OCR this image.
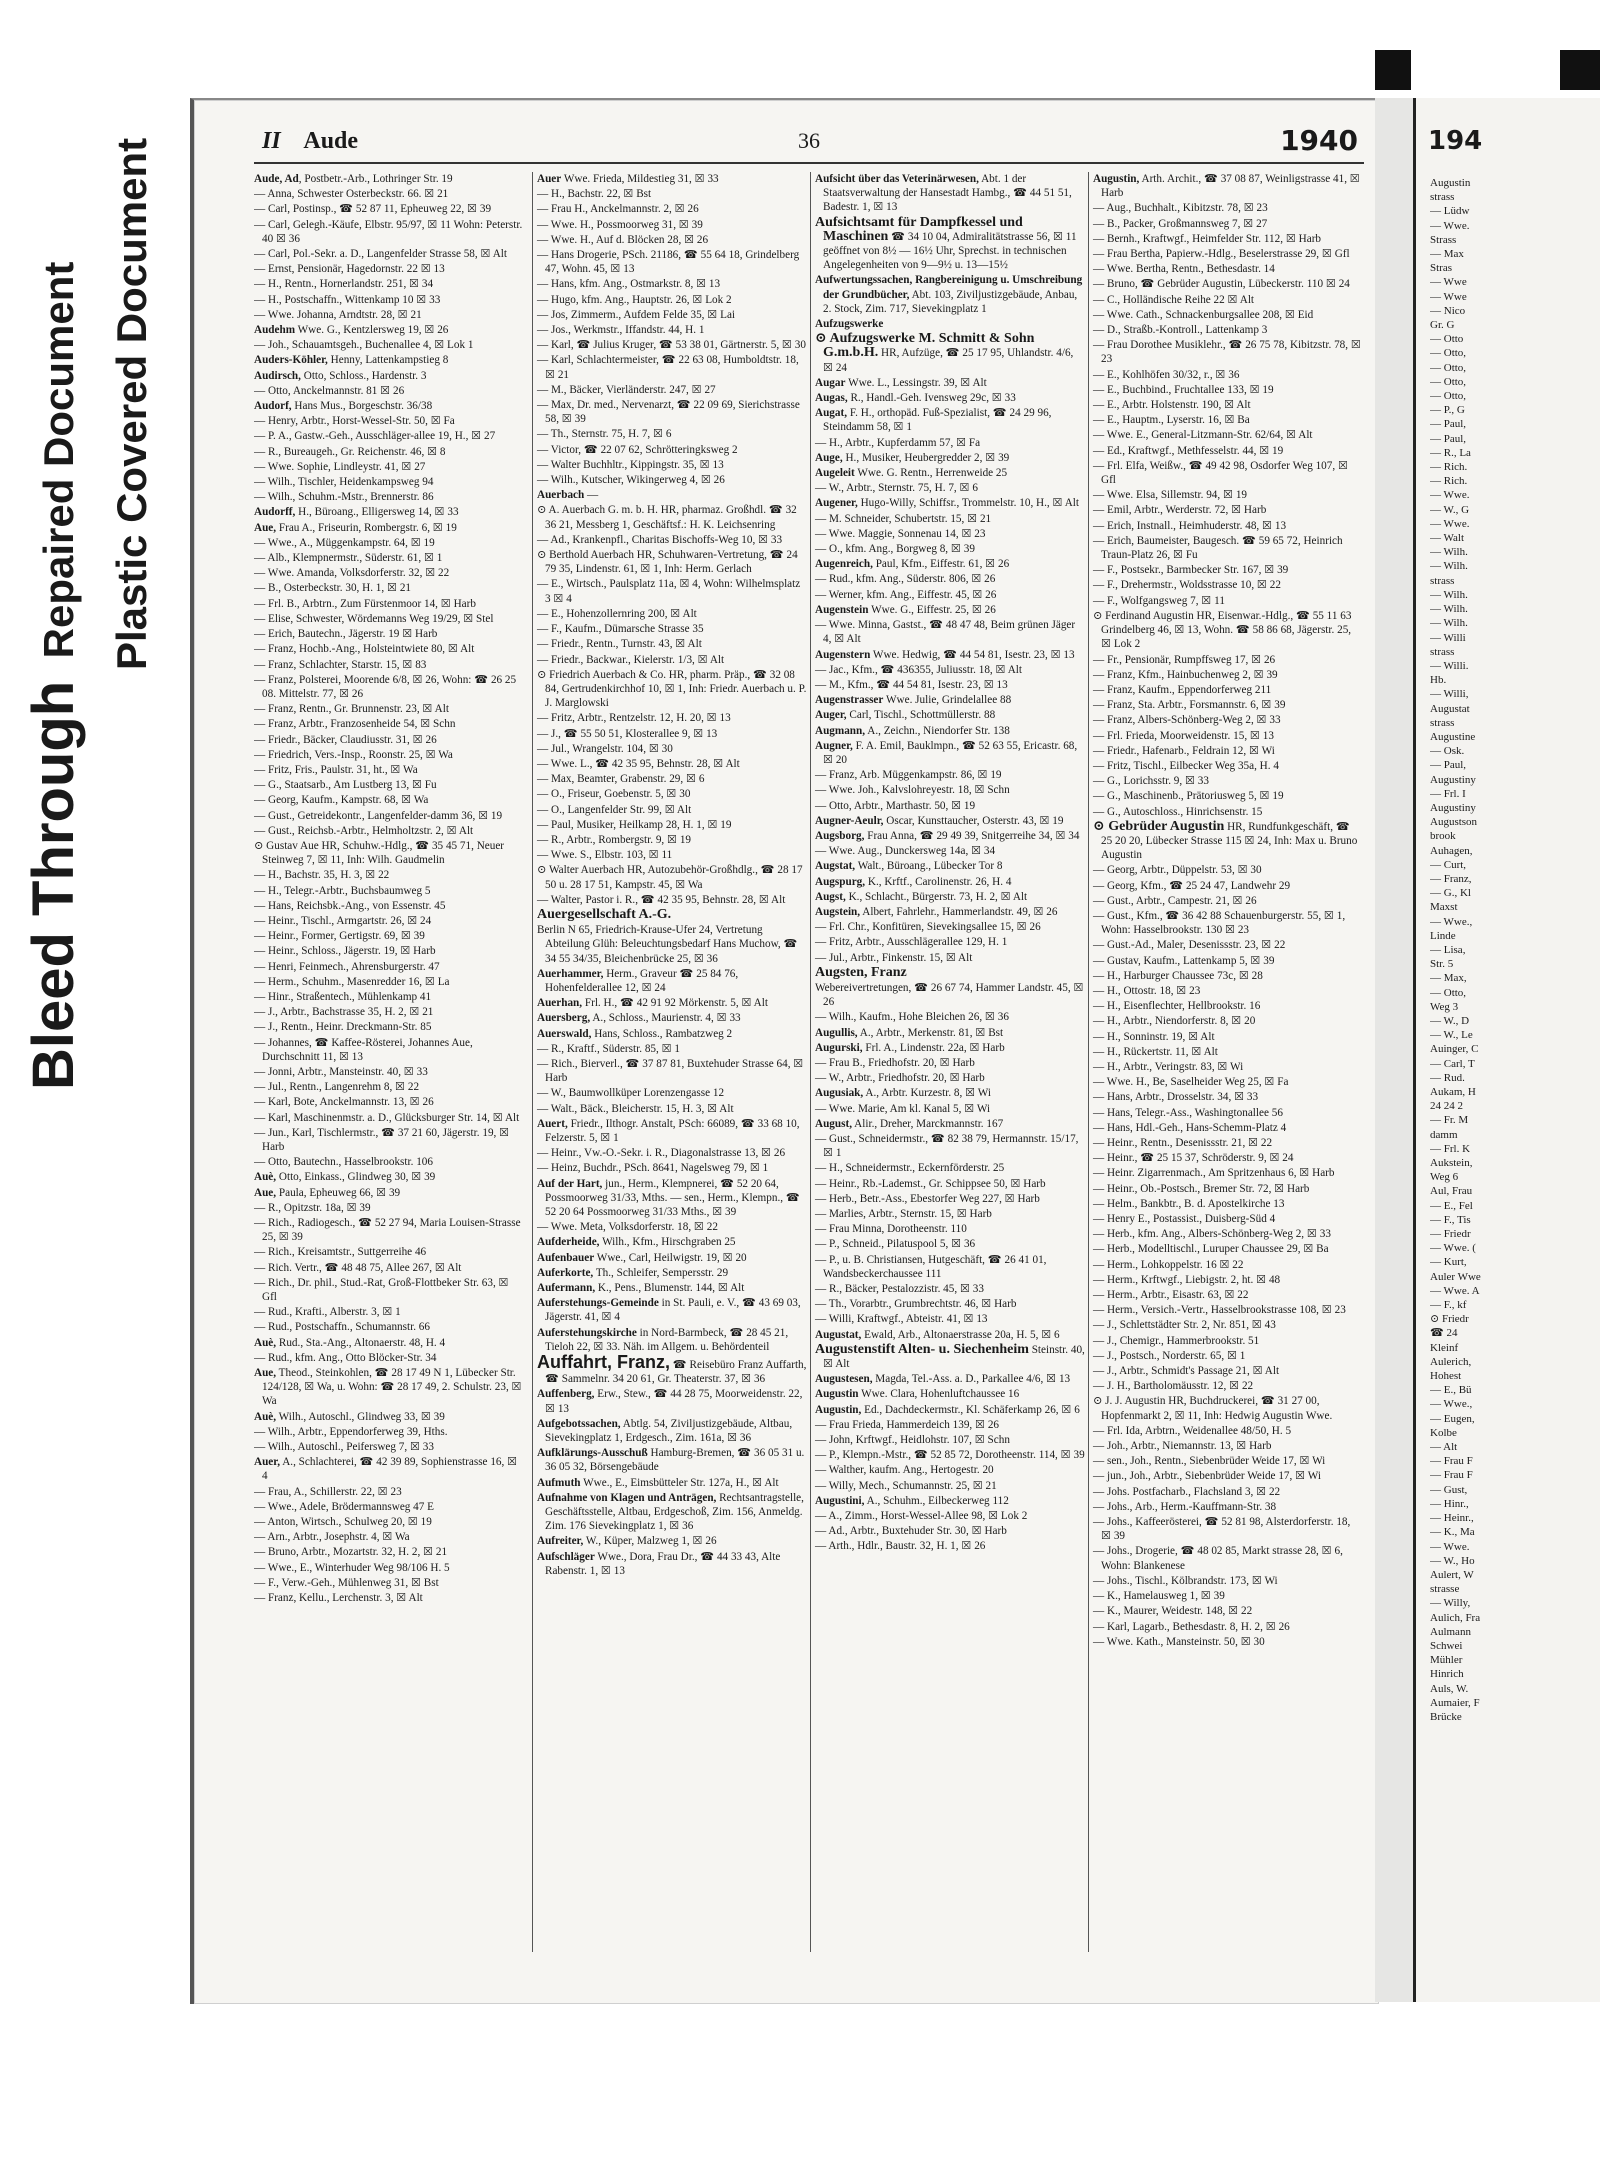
Bleed Through Repaired Document Plastic Covered Document	II Aude	36	1940
Aude, Ad, Postbetr.-Arb., Lothringer Str. 19
— Anna, Schwester Osterbeckstr. 66. ☒ 21
— Carl, Postinsp., ☎ 52 87 11, Epheuweg 22, ☒ 39
— Carl, Gelegh.-Käufe, Elbstr. 95/97, ☒ 11 Wohn: Peterstr. 40 ☒ 36
— Carl, Pol.-Sekr. a. D., Langenfelder Strasse 58, ☒ Alt
— Ernst, Pensionär, Hagedornstr. 22 ☒ 13
— H., Rentn., Hornerlandstr. 251, ☒ 34
— H., Postschaffn., Wittenkamp 10 ☒ 33
— Wwe. Johanna, Arndtstr. 28, ☒ 21
Audehm Wwe. G., Kentzlersweg 19, ☒ 26
— Joh., Schauamtsgeh., Buchenallee 4, ☒ Lok 1
Auders-Köhler, Henny, Lattenkampstieg 8
Audirsch, Otto, Schloss., Hardenstr. 3
— Otto, Anckelmannstr. 81 ☒ 26
Audorf, Hans Mus., Borgeschstr. 36/38
— Henry, Arbtr., Horst-Wessel-Str. 50, ☒ Fa
— P. A., Gastw.-Geh., Ausschläger-allee 19, H., ☒ 27
— R., Bureaugeh., Gr. Reichenstr. 46, ☒ 8
— Wwe. Sophie, Lindleystr. 41, ☒ 27
— Wilh., Tischler, Heidenkampsweg 94
— Wilh., Schuhm.-Mstr., Brennerstr. 86
Audorff, H., Büroang., Elligersweg 14, ☒ 33
Aue, Frau A., Friseurin, Rombergstr. 6, ☒ 19
— Wwe., A., Müggenkampstr. 64, ☒ 19
— Alb., Klempnermstr., Süderstr. 61, ☒ 1
— Wwe. Amanda, Volksdorferstr. 32, ☒ 22
— B., Osterbeckstr. 30, H. 1, ☒ 21
— Frl. B., Arbtrn., Zum Fürstenmoor 14, ☒ Harb
— Elise, Schwester, Wördemanns Weg 19/29, ☒ Stel
— Erich, Bautechn., Jägerstr. 19 ☒ Harb
— Franz, Hochb.-Ang., Holsteintwiete 80, ☒ Alt
— Franz, Schlachter, Starstr. 15, ☒ 83
— Franz, Polsterei, Moorende 6/8, ☒ 26, Wohn: ☎ 26 25 08. Mittelstr. 77, ☒ 26
— Franz, Rentn., Gr. Brunnenstr. 23, ☒ Alt
— Franz, Arbtr., Franzosenheide 54, ☒ Schn
— Friedr., Bäcker, Claudiusstr. 31, ☒ 26
— Friedrich, Vers.-Insp., Roonstr. 25, ☒ Wa
— Fritz, Fris., Paulstr. 31, ht., ☒ Wa
— G., Staatsarb., Am Lustberg 13, ☒ Fu
— Georg, Kaufm., Kampstr. 68, ☒ Wa
— Gust., Getreidekontr., Langenfelder-damm 36, ☒ 19
— Gust., Reichsb.-Arbtr., Helmholtzstr. 2, ☒ Alt
⊙ Gustav Aue HR, Schuhw.-Hdlg., ☎ 35 45 71, Neuer Steinweg 7, ☒ 11, Inh: Wilh. Gaudmelin
— H., Bachstr. 35, H. 3, ☒ 22
— H., Telegr.-Arbtr., Buchsbaumweg 5
— Hans, Reichsbk.-Ang., von Essenstr. 45
— Heinr., Tischl., Armgartstr. 26, ☒ 24
— Heinr., Former, Gertigstr. 69, ☒ 39
— Heinr., Schloss., Jägerstr. 19, ☒ Harb
— Henri, Feinmech., Ahrensburgerstr. 47
— Herm., Schuhm., Masenredder 16, ☒ La
— Hinr., Straßentech., Mühlenkamp 41
— J., Arbtr., Bachstrasse 35, H. 2, ☒ 21
— J., Rentn., Heinr. Dreckmann-Str. 85
— Johannes, ☎ Kaffee-Rösterei, Johannes Aue, Durchschnitt 11, ☒ 13
— Jonni, Arbtr., Mansteinstr. 40, ☒ 33
— Jul., Rentn., Langenrehm 8, ☒ 22
— Karl, Bote, Anckelmannstr. 13, ☒ 26
— Karl, Maschinenmstr. a. D., Glücksburger Str. 14, ☒ Alt
— Jun., Karl, Tischlermstr., ☎ 37 21 60, Jägerstr. 19, ☒ Harb
— Otto, Bautechn., Hasselbrookstr. 106
Auè, Otto, Einkass., Glindweg 30, ☒ 39
Aue, Paula, Epheuweg 66, ☒ 39
— R., Opitzstr. 18a, ☒ 39
— Rich., Radiogesch., ☎ 52 27 94, Maria Louisen-Strasse 25, ☒ 39
— Rich., Kreisamtstr., Suttgerreihe 46
— Rich. Vertr., ☎ 48 48 75, Allee 267, ☒ Alt
— Rich., Dr. phil., Stud.-Rat, Groß-Flottbeker Str. 63, ☒ Gfl
— Rud., Krafti., Alberstr. 3, ☒ 1
— Rud., Postschaffn., Schumannstr. 66
Auè, Rud., Sta.-Ang., Altonaerstr. 48, H. 4
— Rud., kfm. Ang., Otto Blöcker-Str. 34
Aue, Theod., Steinkohlen, ☎ 28 17 49 N 1, Lübecker Str. 124/128, ☒ Wa, u. Wohn: ☎ 28 17 49, 2. Schulstr. 23, ☒ Wa
Auè, Wilh., Autoschl., Glindweg 33, ☒ 39
— Wilh., Arbtr., Eppendorferweg 39, Hths.
— Wilh., Autoschl., Peifersweg 7, ☒ 33
Auer, A., Schlachterei, ☎ 42 39 89, Sophienstrasse 16, ☒ 4
— Frau, A., Schillerstr. 22, ☒ 23
— Wwe., Adele, Brödermannsweg 47 E
— Anton, Wirtsch., Schulweg 20, ☒ 19
— Arn., Arbtr., Josephstr. 4, ☒ Wa
— Bruno, Arbtr., Mozartstr. 32, H. 2, ☒ 21
— Wwe., E., Winterhuder Weg 98/106 H. 5
— F., Verw.-Geh., Mühlenweg 31, ☒ Bst
— Franz, Kellu., Lerchenstr. 3, ☒ Alt
Auer Wwe. Frieda, Mildestieg 31, ☒ 33
— H., Bachstr. 22, ☒ Bst
— Frau H., Anckelmannstr. 2, ☒ 26
— Wwe. H., Possmoorweg 31, ☒ 39
— Wwe. H., Auf d. Blöcken 28, ☒ 26
— Hans Drogerie, PSch. 21186, ☎ 55 64 18, Grindelberg 47, Wohn. 45, ☒ 13
— Hans, kfm. Ang., Ostmarkstr. 8, ☒ 13
— Hugo, kfm. Ang., Hauptstr. 26, ☒ Lok 2
— Jos, Zimmerm., Aufdem Felde 35, ☒ Lai
— Jos., Werkmstr., Iffandstr. 44, H. 1
— Karl, ☎ Julius Kruger, ☎ 53 38 01, Gärtnerstr. 5, ☒ 30
— Karl, Schlachtermeister, ☎ 22 63 08, Humboldtstr. 18, ☒ 21
— M., Bäcker, Vierländerstr. 247, ☒ 27
— Max, Dr. med., Nervenarzt, ☎ 22 09 69, Sierichstrasse 58, ☒ 39
— Th., Sternstr. 75, H. 7, ☒ 6
— Victor, ☎ 22 07 62, Schrötteringksweg 2
— Walter Buchhltr., Kippingstr. 35, ☒ 13
— Wilh., Kutscher, Wikingerweg 4, ☒ 26
Auerbach —
⊙ A. Auerbach G. m. b. H. HR, pharmaz. Großhdl. ☎ 32 36 21, Messberg 1, Geschäftsf.: H. K. Leichsenring
— Ad., Krankenpfl., Charitas Bischoffs-Weg 10, ☒ 33
⊙ Berthold Auerbach HR, Schuhwaren-Vertretung, ☎ 24 79 35, Lindenstr. 61, ☒ 1, Inh: Herm. Gerlach
— E., Wirtsch., Paulsplatz 11a, ☒ 4, Wohn: Wilhelmsplatz 3 ☒ 4
— E., Hohenzollernring 200, ☒ Alt
— F., Kaufm., Dümarsche Strasse 35
— Friedr., Rentn., Turnstr. 43, ☒ Alt
— Friedr., Backwar., Kielerstr. 1/3, ☒ Alt
⊙ Friedrich Auerbach & Co. HR, pharm. Präp., ☎ 32 08 84, Gertrudenkirchhof 10, ☒ 1, Inh: Friedr. Auerbach u. P. J. Marglowski
— Fritz, Arbtr., Rentzelstr. 12, H. 20, ☒ 13
— J., ☎ 55 50 51, Klosterallee 9, ☒ 13
— Jul., Wrangelstr. 104, ☒ 30
— Wwe. L., ☎ 42 35 95, Behnstr. 28, ☒ Alt
— Max, Beamter, Grabenstr. 29, ☒ 6
— O., Friseur, Goebenstr. 5, ☒ 30
— O., Langenfelder Str. 99, ☒ Alt
— Paul, Musiker, Heilkamp 28, H. 1, ☒ 19
— R., Arbtr., Rombergstr. 9, ☒ 19
— Wwe. S., Elbstr. 103, ☒ 11
⊙ Walter Auerbach HR, Autozubehör-Großhdlg., ☎ 28 17 50 u. 28 17 51, Kampstr. 45, ☒ Wa
— Walter, Pastor i. R., ☎ 42 35 95, Behnstr. 28, ☒ Alt
Auergesellschaft A.-G.
Berlin N 65, Friedrich-Krause-Ufer 24, Vertretung Abteilung Glüh: Beleuchtungsbedarf Hans Muchow, ☎ 34 55 34/35, Bleichenbrücke 25, ☒ 36
Auerhammer, Herm., Graveur ☎ 25 84 76, Hohenfelderallee 12, ☒ 24
Auerhan, Frl. H., ☎ 42 91 92 Mörkenstr. 5, ☒ Alt
Auersberg, A., Schloss., Maurienstr. 4, ☒ 33
Auerswald, Hans, Schloss., Rambatzweg 2
— R., Kraftf., Süderstr. 85, ☒ 1
— Rich., Bierverl., ☎ 37 87 81, Buxtehuder Strasse 64, ☒ Harb
— W., Baumwollküper Lorenzengasse 12
— Walt., Bäck., Bleicherstr. 15, H. 3, ☒ Alt
Auert, Friedr., Ilthogr. Anstalt, PSch: 66089, ☎ 33 68 10, Felzerstr. 5, ☒ 1
— Heinr., Vw.-O.-Sekr. i. R., Diagonalstrasse 13, ☒ 26
— Heinz, Buchdr., PSch. 8641, Nagelsweg 79, ☒ 1
Auf der Hart, jun., Herm., Klempnerei, ☎ 52 20 64, Possmoorweg 31/33, Mths. — sen., Herm., Klempn., ☎ 52 20 64 Possmoorweg 31/33 Mths., ☒ 39
— Wwe. Meta, Volksdorferstr. 18, ☒ 22
Aufderheide, Wilh., Kfm., Hirschgraben 25
Aufenbauer Wwe., Carl, Heilwigstr. 19, ☒ 20
Auferkorte, Th., Schleifer, Sempersstr. 29
Aufermann, K., Pens., Blumenstr. 144, ☒ Alt
Auferstehungs-Gemeinde in St. Pauli, e. V., ☎ 43 69 03, Jägerstr. 41, ☒ 4
Auferstehungskirche in Nord-Barmbeck, ☎ 28 45 21, Tieloh 22, ☒ 33. Näh. im Allgem. u. Behördenteil
Auffahrt, Franz, ☎ Reisebüro Franz Auffarth, ☎ Sammelnr. 34 20 61, Gr. Theaterstr. 37, ☒ 36
Auffenberg, Erw., Stew., ☎ 44 28 75, Moorweidenstr. 22, ☒ 13
Aufgebotssachen, Abtlg. 54, Ziviljustizgebäude, Altbau, Sievekingplatz 1, Erdgesch., Zim. 161a, ☒ 36
Aufklärungs-Ausschuß Hamburg-Bremen, ☎ 36 05 31 u. 36 05 32, Börsengebäude
Aufmuth Wwe., E., Eimsbütteler Str. 127a, H., ☒ Alt
Aufnahme von Klagen und Anträgen, Rechtsantragstelle, Geschäftsstelle, Altbau, Erdgeschoß, Zim. 156, Anmeldg. Zim. 176 Sievekingplatz 1, ☒ 36
Aufreiter, W., Küper, Malzweg 1, ☒ 26
Aufschläger Wwe., Dora, Frau Dr., ☎ 44 33 43, Alte Rabenstr. 1, ☒ 13
Aufsicht über das Veterinärwesen, Abt. 1 der Staatsverwaltung der Hansestadt Hambg., ☎ 44 51 51, Badestr. 1, ☒ 13
Aufsichtsamt für Dampfkessel und Maschinen ☎ 34 10 04, Admiralitätstrasse 56, ☒ 11 geöffnet von 8½ — 16½ Uhr, Sprechst. in technischen Angelegenheiten von 9—9½ u. 13—15½
Aufwertungssachen, Rangbereinigung u. Umschreibung der Grundbücher, Abt. 103, Ziviljustizgebäude, Anbau, 2. Stock, Zim. 717, Sievekingplatz 1
Aufzugswerke
⊙ Aufzugswerke M. Schmitt & Sohn G.m.b.H. HR, Aufzüge, ☎ 25 17 95, Uhlandstr. 4/6, ☒ 24
Augar Wwe. L., Lessingstr. 39, ☒ Alt
Augas, R., Handl.-Geh. Ivensweg 29c, ☒ 33
Augat, F. H., orthopäd. Fuß-Spezialist, ☎ 24 29 96, Steindamm 58, ☒ 1
— H., Arbtr., Kupferdamm 57, ☒ Fa
Auge, H., Musiker, Heubergredder 2, ☒ 39
Augeleit Wwe. G. Rentn., Herrenweide 25
— W., Arbtr., Sternstr. 75, H. 7, ☒ 6
Augener, Hugo-Willy, Schiffsr., Trommelstr. 10, H., ☒ Alt
— M. Schneider, Schubertstr. 15, ☒ 21
— Wwe. Maggie, Sonnenau 14, ☒ 23
— O., kfm. Ang., Borgweg 8, ☒ 39
Augenreich, Paul, Kfm., Eiffestr. 61, ☒ 26
— Rud., kfm. Ang., Süderstr. 806, ☒ 26
— Werner, kfm. Ang., Eiffestr. 45, ☒ 26
Augenstein Wwe. G., Eiffestr. 25, ☒ 26
— Wwe. Minna, Gastst., ☎ 48 47 48, Beim grünen Jäger 4, ☒ Alt
Augenstern Wwe. Hedwig, ☎ 44 54 81, Isestr. 23, ☒ 13
— Jac., Kfm., ☎ 436355, Juliusstr. 18, ☒ Alt
— M., Kfm., ☎ 44 54 81, Isestr. 23, ☒ 13
Augenstrasser Wwe. Julie, Grindelallee 88
Auger, Carl, Tischl., Schottmüllerstr. 88
Augmann, A., Zeichn., Niendorfer Str. 138
Augner, F. A. Emil, Bauklmpn., ☎ 52 63 55, Ericastr. 68, ☒ 20
— Franz, Arb. Müggenkampstr. 86, ☒ 19
— Wwe. Joh., Kalvslohreyestr. 18, ☒ Schn
— Otto, Arbtr., Marthastr. 50, ☒ 19
Augner-Aeulr, Oscar, Kunsttaucher, Osterstr. 43, ☒ 19
Augsborg, Frau Anna, ☎ 29 49 39, Snitgerreihe 34, ☒ 34
— Wwe. Aug., Dunckersweg 14a, ☒ 34
Augstat, Walt., Büroang., Lübecker Tor 8
Augspurg, K., Krftf., Carolinenstr. 26, H. 4
Augst, K., Schlacht., Bürgerstr. 73, H. 2, ☒ Alt
Augstein, Albert, Fahrlehr., Hammerlandstr. 49, ☒ 26
— Frl. Chr., Konfitüren, Sievekingsallee 15, ☒ 26
— Fritz, Arbtr., Ausschlägerallee 129, H. 1
— Jul., Arbtr., Finkenstr. 15, ☒ Alt
Augsten, Franz
Webereivertretungen, ☎ 26 67 74, Hammer Landstr. 45, ☒ 26
— Wilh., Kaufm., Hohe Bleichen 26, ☒ 36
Augullis, A., Arbtr., Merkenstr. 81, ☒ Bst
Augurski, Frl. A., Lindenstr. 22a, ☒ Harb
— Frau B., Friedhofstr. 20, ☒ Harb
— W., Arbtr., Friedhofstr. 20, ☒ Harb
Augusiak, A., Arbtr. Kurzestr. 8, ☒ Wi
— Wwe. Marie, Am kl. Kanal 5, ☒ Wi
August, Alir., Dreher, Marckmannstr. 167
— Gust., Schneidermstr., ☎ 82 38 79, Hermannstr. 15/17, ☒ 1
— H., Schneidermstr., Eckernförderstr. 25
— Heinr., Rb.-Lademst., Gr. Schippsee 50, ☒ Harb
— Herb., Betr.-Ass., Ebestorfer Weg 227, ☒ Harb
— Marlies, Arbtr., Sternstr. 15, ☒ Harb
— Frau Minna, Dorotheenstr. 110
— P., Schneid., Pilatuspool 5, ☒ 36
— P., u. B. Christiansen, Hutgeschäft, ☎ 26 41 01, Wandsbeckerchaussee 111
— R., Bäcker, Pestalozzistr. 45, ☒ 33
— Th., Vorarbtr., Grumbrechtstr. 46, ☒ Harb
— Willi, Kraftwgf., Abteistr. 41, ☒ 13
Augustat, Ewald, Arb., Altonaerstrasse 20a, H. 5, ☒ 6
Augustenstift Alten- u. Siechenheim Steinstr. 40, ☒ Alt
Augustesen, Magda, Tel.-Ass. a. D., Parkallee 4/6, ☒ 13
Augustin Wwe. Clara, Hohenluftchaussee 16
Augustin, Ed., Dachdeckermstr., Kl. Schäferkamp 26, ☒ 6
— Frau Frieda, Hammerdeich 139, ☒ 26
— John, Krftwgf., Heidlohstr. 107, ☒ Schn
— P., Klempn.-Mstr., ☎ 52 85 72, Dorotheenstr. 114, ☒ 39
— Walther, kaufm. Ang., Hertogestr. 20
— Willy, Mech., Schumannstr. 25, ☒ 21
Augustini, A., Schuhm., Eilbeckerweg 112
— A., Zimm., Horst-Wessel-Allee 98, ☒ Lok 2
— Ad., Arbtr., Buxtehuder Str. 30, ☒ Harb
— Arth., Hdlr., Baustr. 32, H. 1, ☒ 26
Augustin, Arth. Archit., ☎ 37 08 87, Weinligstrasse 41, ☒ Harb
— Aug., Buchhalt., Kibitzstr. 78, ☒ 23
— B., Packer, Großmannsweg 7, ☒ 27
— Bernh., Kraftwgf., Heimfelder Str. 112, ☒ Harb
— Frau Bertha, Papierw.-Hdlg., Beselerstrasse 29, ☒ Gfl
— Wwe. Bertha, Rentn., Bethesdastr. 14
— Bruno, ☎ Gebrüder Augustin, Lübeckerstr. 110 ☒ 24
— C., Holländische Reihe 22 ☒ Alt
— Wwe. Cath., Schnackenburgsallee 208, ☒ Eid
— D., Straßb.-Kontroll., Lattenkamp 3
— Frau Dorothee Musiklehr., ☎ 26 75 78, Kibitzstr. 78, ☒ 23
— E., Kohlhöfen 30/32, r., ☒ 36
— E., Buchbind., Fruchtallee 133, ☒ 19
— E., Arbtr. Holstenstr. 190, ☒ Alt
— E., Hauptm., Lyserstr. 16, ☒ Ba
— Wwe. E., General-Litzmann-Str. 62/64, ☒ Alt
— Ed., Kraftwgf., Methfesselstr. 44, ☒ 19
— Frl. Elfa, Weißw., ☎ 49 42 98, Osdorfer Weg 107, ☒ Gfl
— Wwe. Elsa, Sillemstr. 94, ☒ 19
— Emil, Arbtr., Werderstr. 72, ☒ Harb
— Erich, Instnall., Heimhuderstr. 48, ☒ 13
— Erich, Baumeister, Baugesch. ☎ 59 65 72, Heinrich Traun-Platz 26, ☒ Fu
— F., Postsekr., Barmbecker Str. 167, ☒ 39
— F., Drehermstr., Woldsstrasse 10, ☒ 22
— F., Wolfgangsweg 7, ☒ 11
⊙ Ferdinand Augustin HR, Eisenwar.-Hdlg., ☎ 55 11 63 Grindelberg 46, ☒ 13, Wohn. ☎ 58 86 68, Jägerstr. 25, ☒ Lok 2
— Fr., Pensionär, Rumpffsweg 17, ☒ 26
— Franz, Kfm., Hainbuchenweg 2, ☒ 39
— Franz, Kaufm., Eppendorferweg 211
— Franz, Sta. Arbtr., Forsmannstr. 6, ☒ 39
— Franz, Albers-Schönberg-Weg 2, ☒ 33
— Frl. Frieda, Moorweidenstr. 15, ☒ 13
— Friedr., Hafenarb., Feldrain 12, ☒ Wi
— Fritz, Tischl., Eilbecker Weg 35a, H. 4
— G., Lorichsstr. 9, ☒ 33
— G., Maschinenb., Prätoriusweg 5, ☒ 19
— G., Autoschloss., Hinrichsenstr. 15
⊙ Gebrüder Augustin HR, Rundfunkgeschäft, ☎ 25 20 20, Lübecker Strasse 115 ☒ 24, Inh: Max u. Bruno Augustin
— Georg, Arbtr., Düppelstr. 53, ☒ 30
— Georg, Kfm., ☎ 25 24 47, Landwehr 29
— Gust., Arbtr., Campestr. 21, ☒ 26
— Gust., Kfm., ☎ 36 42 88 Schauenburgerstr. 55, ☒ 1, Wohn: Hasselbrookstr. 130 ☒ 23
— Gust.-Ad., Maler, Desenissstr. 23, ☒ 22
— Gustav, Kaufm., Lattenkamp 5, ☒ 39
— H., Harburger Chaussee 73c, ☒ 28
— H., Ottostr. 18, ☒ 23
— H., Eisenflechter, Hellbrookstr. 16
— H., Arbtr., Niendorferstr. 8, ☒ 20
— H., Sonninstr. 19, ☒ Alt
— H., Rückertstr. 11, ☒ Alt
— H., Arbtr., Veringstr. 83, ☒ Wi
— Wwe. H., Be, Saselheider Weg 25, ☒ Fa
— Hans, Arbtr., Drosselstr. 34, ☒ 33
— Hans, Telegr.-Ass., Washingtonallee 56
— Hans, Hdl.-Geh., Hans-Schemm-Platz 4
— Heinr., Rentn., Desenissstr. 21, ☒ 22
— Heinr., ☎ 25 15 37, Schröderstr. 9, ☒ 24
— Heinr. Zigarrenmach., Am Spritzenhaus 6, ☒ Harb
— Heinr., Ob.-Postsch., Bremer Str. 72, ☒ Harb
— Helm., Bankbtr., B. d. Apostelkirche 13
— Henry E., Postassist., Duisberg-Süd 4
— Herb., kfm. Ang., Albers-Schönberg-Weg 2, ☒ 33
— Herb., Modelltischl., Luruper Chaussee 29, ☒ Ba
— Herm., Lohkoppelstr. 16 ☒ 22
— Herm., Krftwgf., Liebigstr. 2, ht. ☒ 48
— Herm., Arbtr., Eisastr. 63, ☒ 22
— Herm., Versich.-Vertr., Hasselbrookstrasse 108, ☒ 23
— J., Schlettstädter Str. 2, Nr. 851, ☒ 43
— J., Chemigr., Hammerbrookstr. 51
— J., Postsch., Norderstr. 65, ☒ 1
— J., Arbtr., Schmidt's Passage 21, ☒ Alt
— J. H., Bartholomäusstr. 12, ☒ 22
⊙ J. J. Augustin HR, Buchdruckerei, ☎ 31 27 00, Hopfenmarkt 2, ☒ 11, Inh: Hedwig Augustin Wwe.
— Frl. Ida, Arbtrn., Weidenallee 48/50, H. 5
— Joh., Arbtr., Niemannstr. 13, ☒ Harb
— sen., Joh., Rentn., Siebenbrüder Weide 17, ☒ Wi
— jun., Joh., Arbtr., Siebenbrüder Weide 17, ☒ Wi
— Johs. Postfacharb., Flachsland 3, ☒ 22
— Johs., Arb., Herm.-Kauffmann-Str. 38
— Johs., Kaffeerösterei, ☎ 52 81 98, Alsterdorferstr. 18, ☒ 39
— Johs., Drogerie, ☎ 48 02 85, Markt strasse 28, ☒ 6, Wohn: Blankenese
— Johs., Tischl., Kölbrandstr. 173, ☒ Wi
— K., Hamelausweg 1, ☒ 39
— K., Maurer, Weidestr. 148, ☒ 22
— Karl, Lagarb., Bethesdastr. 8, H. 2, ☒ 26
— Wwe. Kath., Mansteinstr. 50, ☒ 30
194
Augustin
strass
— Lüdw
— Wwe.
Strass
— Max
Stras
— Wwe
— Wwe
— Nico
Gr. G
— Otto
— Otto,
— Otto,
— Otto,
— Otto,
— P., G
— Paul,
— Paul,
— R., La
— Rich.
— Rich.
— Wwe.
— W., G
— Wwe.
— Walt
— Wilh.
— Wilh.
strass
— Wilh.
— Wilh.
— Wilh.
— Willi
strass
— Willi.
Hb.
— Willi,
Augustat
strass
Augustine
— Osk.
— Paul,
Augustiny
— Frl. I
Augustiny
Augustson
brook
Auhagen,
— Curt,
— Franz,
— G., Kl
Maxst
— Wwe.,
Linde
— Lisa,
Str. 5
— Max,
— Otto,
Weg 3
— W., D
— W., Le
Auinger, C
— Carl, T
— Rud.
Aukam, H
24 24 2
— Fr. M
damm
— Frl. K
Aukstein,
Weg 6
Aul, Frau
— E., Fel
— F., Tis
— Friedr
— Wwe. (
— Kurt,
Auler Wwe
— Wwe. A
— F., kf
⊙ Friedr
☎ 24
Kleinf
Aulerich,
Hohest
— E., Bü
— Wwe.,
— Eugen,
Kolbe
— Alt
— Frau F
— Frau F
— Gust,
— Hinr.,
— Heinr.,
— K., Ma
— Wwe.
— W., Ho
Aulert, W
strasse
— Willy,
Aulich, Fra
Aulmann
Schwei
Mühler
Hinrich
Auls, W.
Aumaier, F
Brücke
